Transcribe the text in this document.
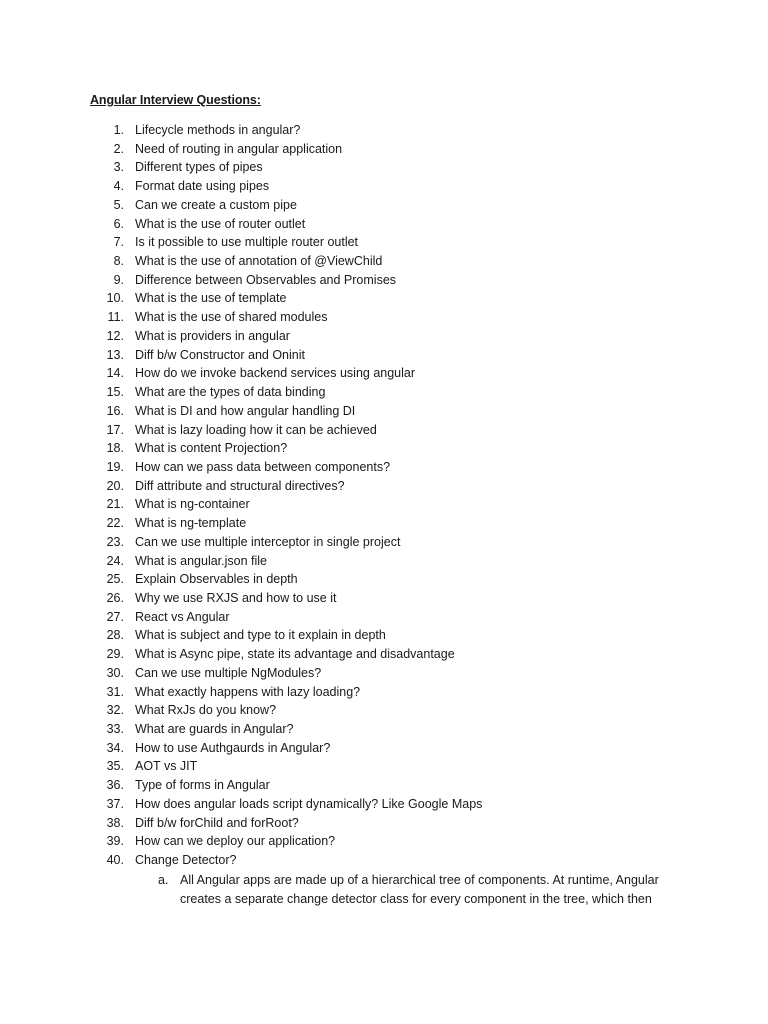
Angular Interview Questions:
1. Lifecycle methods in angular?
2. Need of routing in angular application
3. Different types of pipes
4. Format date using pipes
5. Can we create a custom pipe
6. What is the use of router outlet
7. Is it possible to use multiple router outlet
8. What is the use of annotation of @ViewChild
9. Difference between Observables and Promises
10. What is the use of template
11. What is the use of shared modules
12. What is providers in angular
13. Diff b/w Constructor and Oninit
14. How do we invoke backend services using angular
15. What are the types of data binding
16. What is DI and how angular handling DI
17. What is lazy loading how it can be achieved
18. What is content Projection?
19. How can we pass data between components?
20. Diff attribute and structural directives?
21. What is ng-container
22. What is ng-template
23. Can we use multiple interceptor in single project
24. What is angular.json file
25. Explain Observables in depth
26. Why we use RXJS and how to use it
27. React vs Angular
28. What is subject and type to it explain in depth
29. What is Async pipe, state its advantage and disadvantage
30. Can we use multiple NgModules?
31. What exactly happens with lazy loading?
32. What RxJs do you know?
33. What are guards in Angular?
34. How to use Authgaurds in Angular?
35. AOT vs JIT
36. Type of forms in Angular
37. How does angular loads script dynamically? Like Google Maps
38. Diff b/w forChild and forRoot?
39. How can we deploy our application?
40. Change Detector?
a. All Angular apps are made up of a hierarchical tree of components. At runtime, Angular
creates a separate change detector class for every component in the tree, which then
